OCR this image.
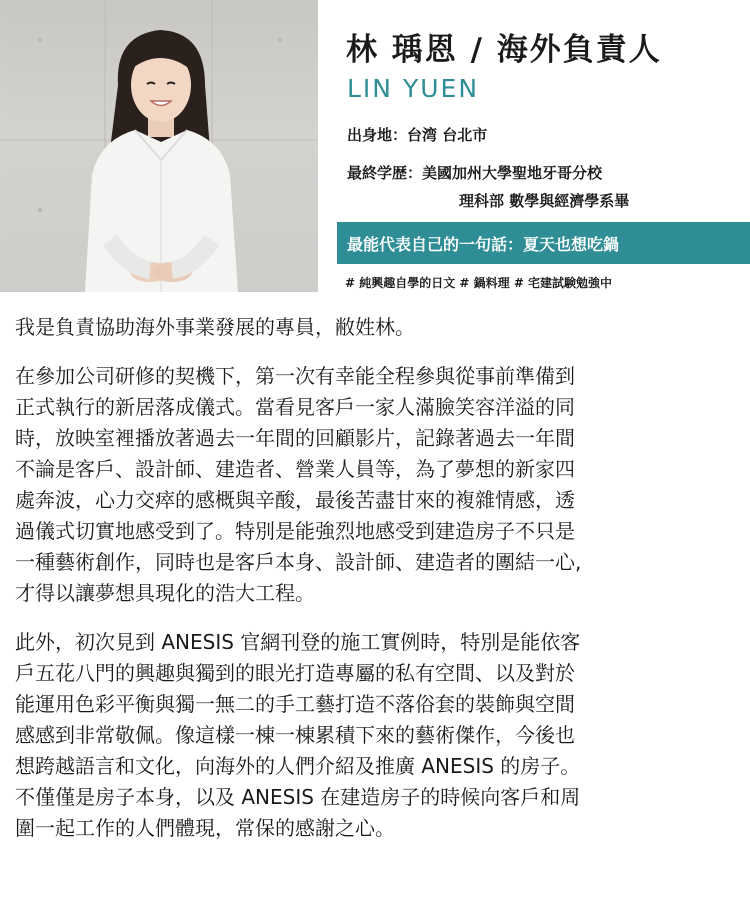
林 瑀恩 / 海外負責人
LIN YUEN
出身地：台湾 台北市
最終学歴：美國加州大學聖地牙哥分校
理科部 數學與經濟學系畢
最能代表自己的一句話：夏天也想吃鍋
# 純興趣自學的日文 # 鍋料理 # 宅建試験勉強中

我是負責協助海外事業發展的專員，敝姓林。

在參加公司研修的契機下，第一次有幸能全程參與從事前準備到
正式執行的新居落成儀式。當看見客戶一家人滿臉笑容洋溢的同
時，放映室裡播放著過去一年間的回顧影片，記錄著過去一年間
不論是客戶、設計師、建造者、營業人員等，為了夢想的新家四
處奔波，心力交瘁的感概與辛酸，最後苦盡甘來的複雜情感，透
過儀式切實地感受到了。特別是能強烈地感受到建造房子不只是
一種藝術創作，同時也是客戶本身、設計師、建造者的團結一心,
才得以讓夢想具現化的浩大工程。

此外，初次見到 ANESIS 官網刊登的施工實例時，特別是能依客
戶五花八門的興趣與獨到的眼光打造專屬的私有空間、以及對於
能運用色彩平衡與獨一無二的手工藝打造不落俗套的裝飾與空間
感感到非常敬佩。像這樣一棟一棟累積下來的藝術傑作，今後也
想跨越語言和文化，向海外的人們介紹及推廣 ANESIS 的房子。
不僅僅是房子本身，以及 ANESIS 在建造房子的時候向客戶和周
圍一起工作的人們體現，常保的感謝之心。
